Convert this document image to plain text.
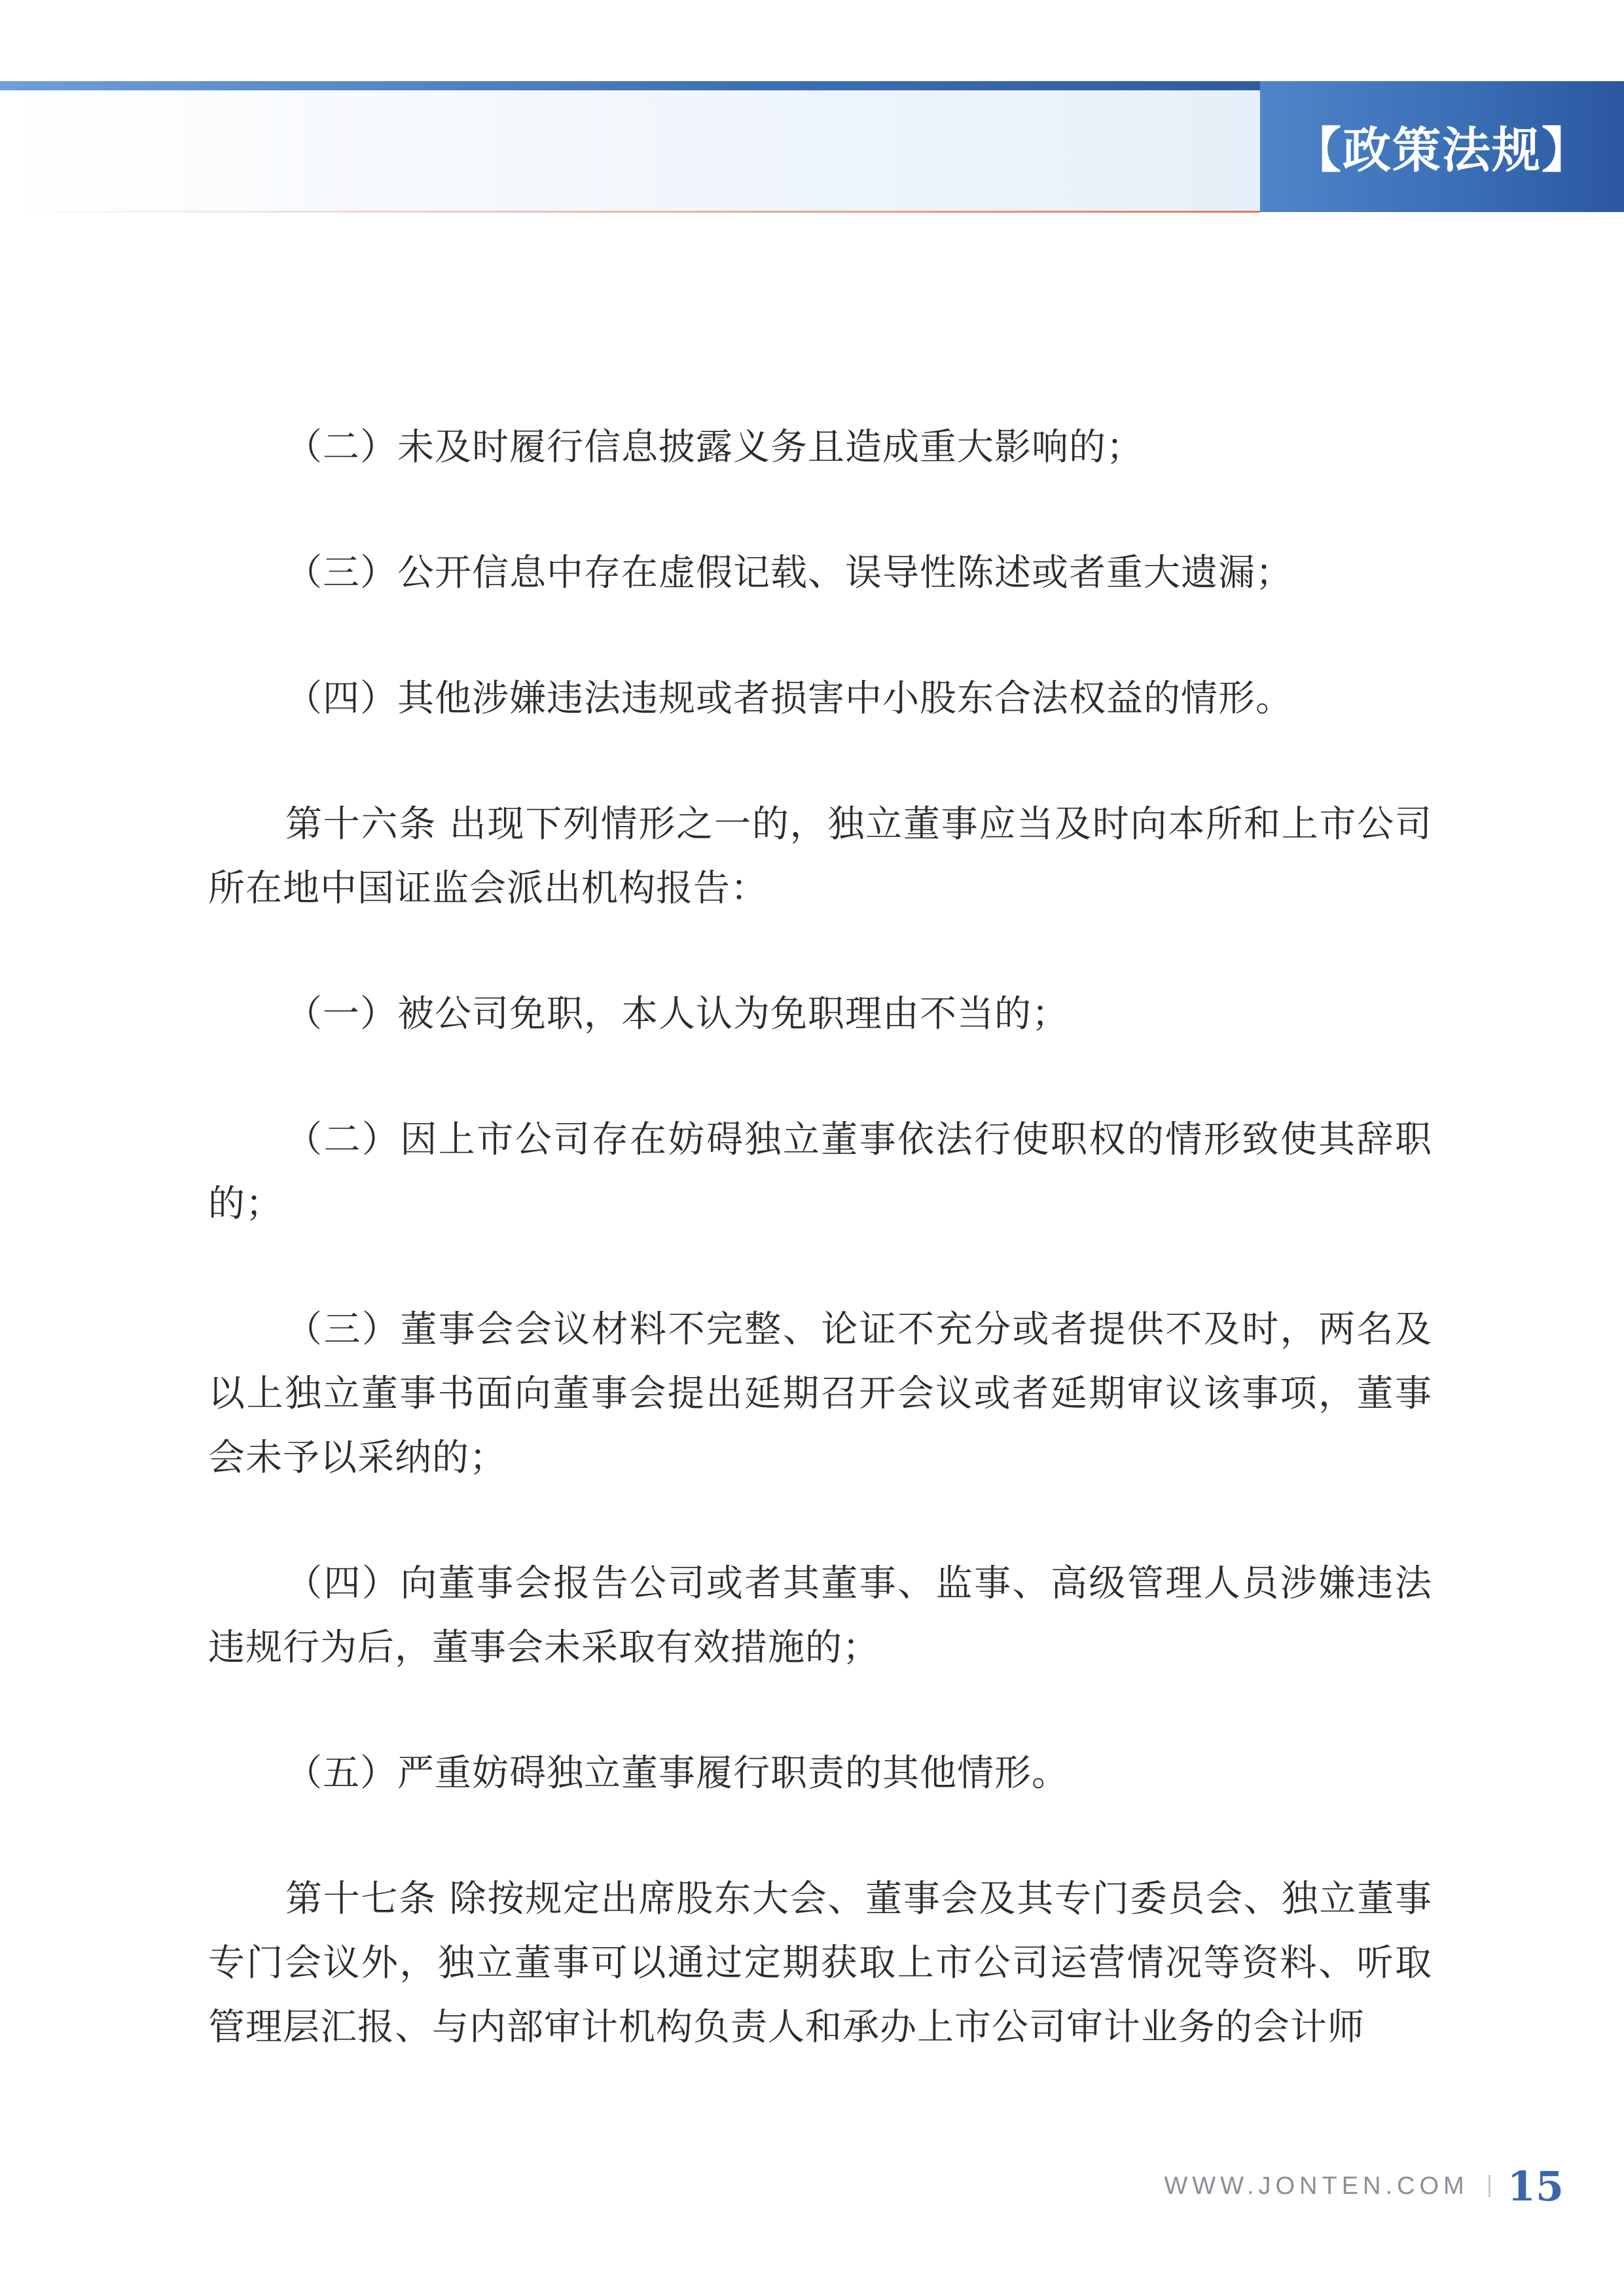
【政策法规】

（二）未及时履行信息披露义务且造成重大影响的；

（三）公开信息中存在虚假记载、误导性陈述或者重大遗漏；

（四）其他涉嫌违法违规或者损害中小股东合法权益的情形。

第十六条 出现下列情形之一的，独立董事应当及时向本所和上市公司所在地中国证监会派出机构报告：

（一）被公司免职，本人认为免职理由不当的；

（二）因上市公司存在妨碍独立董事依法行使职权的情形致使其辞职的；

（三）董事会会议材料不完整、论证不充分或者提供不及时，两名及以上独立董事书面向董事会提出延期召开会议或者延期审议该事项，董事会未予以采纳的；

（四）向董事会报告公司或者其董事、监事、高级管理人员涉嫌违法违规行为后，董事会未采取有效措施的；

（五）严重妨碍独立董事履行职责的其他情形。

第十七条 除按规定出席股东大会、董事会及其专门委员会、独立董事专门会议外，独立董事可以通过定期获取上市公司运营情况等资料、听取管理层汇报、与内部审计机构负责人和承办上市公司审计业务的会计师

WWW.JONTEN.COM 15
